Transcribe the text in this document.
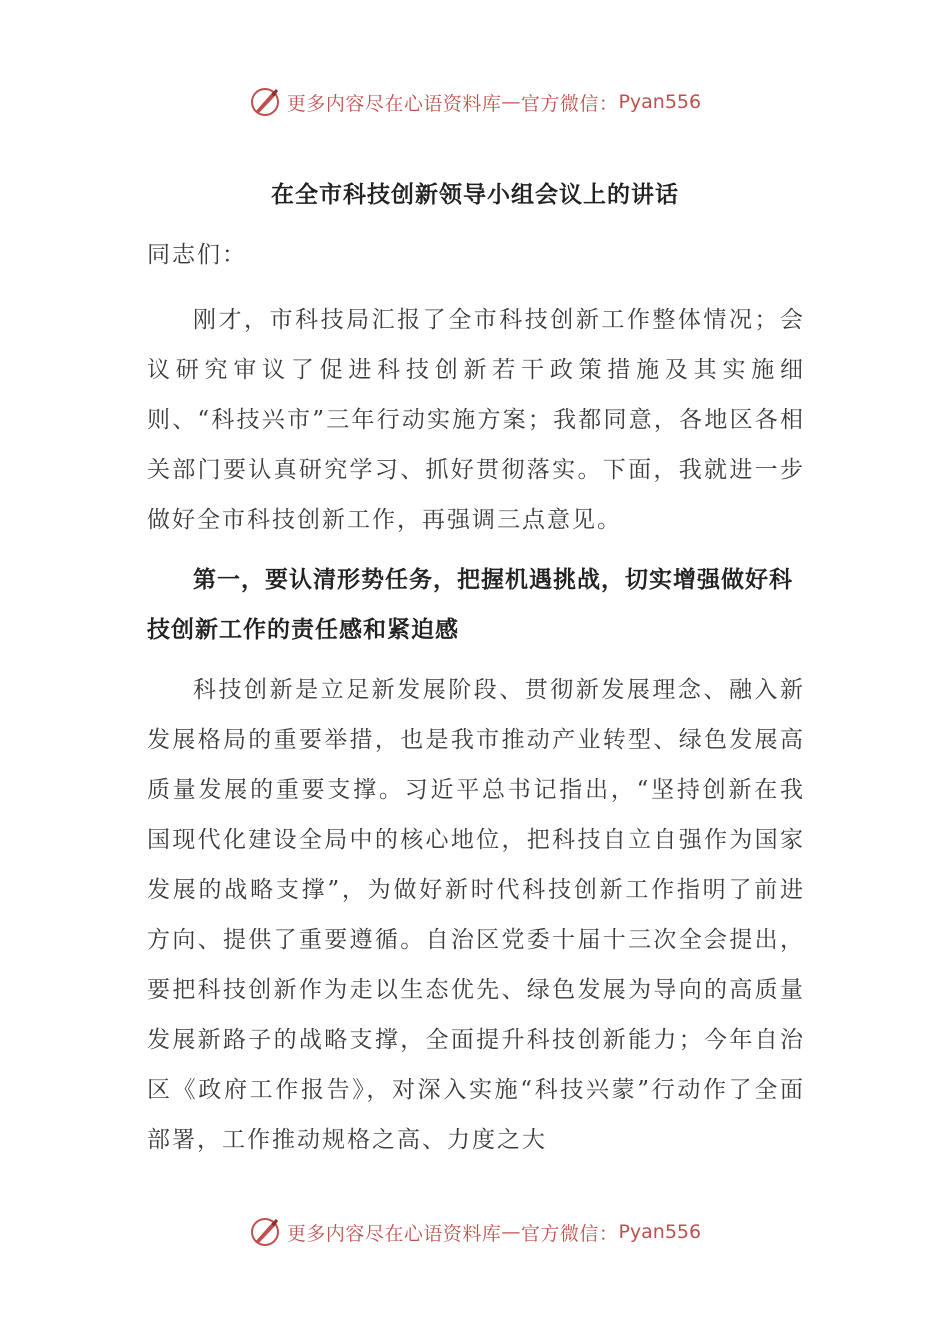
更多内容尽在心语资料库 — 官方微信： Pyan556
在全市科技创新领导小组会议上的讲话
同志们：

刚才，市科技局汇报了全市科技创新工作整体情况；会议研究审议了促进科技创新若干政策措施及其实施细则、“科技兴市”三年行动实施方案；我都同意，各地区各相关部门要认真研究学习、抓好贯彻落实。下面，我就进一步做好全市科技创新工作，再强调三点意见。

第一，要认清形势任务，把握机遇挑战，切实增强做好科技创新工作的责任感和紧迫感

科技创新是立足新发展阶段、贯彻新发展理念、融入新发展格局的重要举措，也是我市推动产业转型、绿色发展高质量发展的重要支撑。习近平总书记指出，“坚持创新在我国现代化建设全局中的核心地位，把科技自立自强作为国家发展的战略支撑”，为做好新时代科技创新工作指明了前进方向、提供了重要遵循。自治区党委十届十三次全会提出，要把科技创新作为走以生态优先、绿色发展为导向的高质量发展新路子的战略支撑，全面提升科技创新能力；今年自治区《政府工作报告》，对深入实施“科技兴蒙”行动作了全面部署，工作推动规格之高、力度之大

更多内容尽在心语资料库 — 官方微信： Pyan556
